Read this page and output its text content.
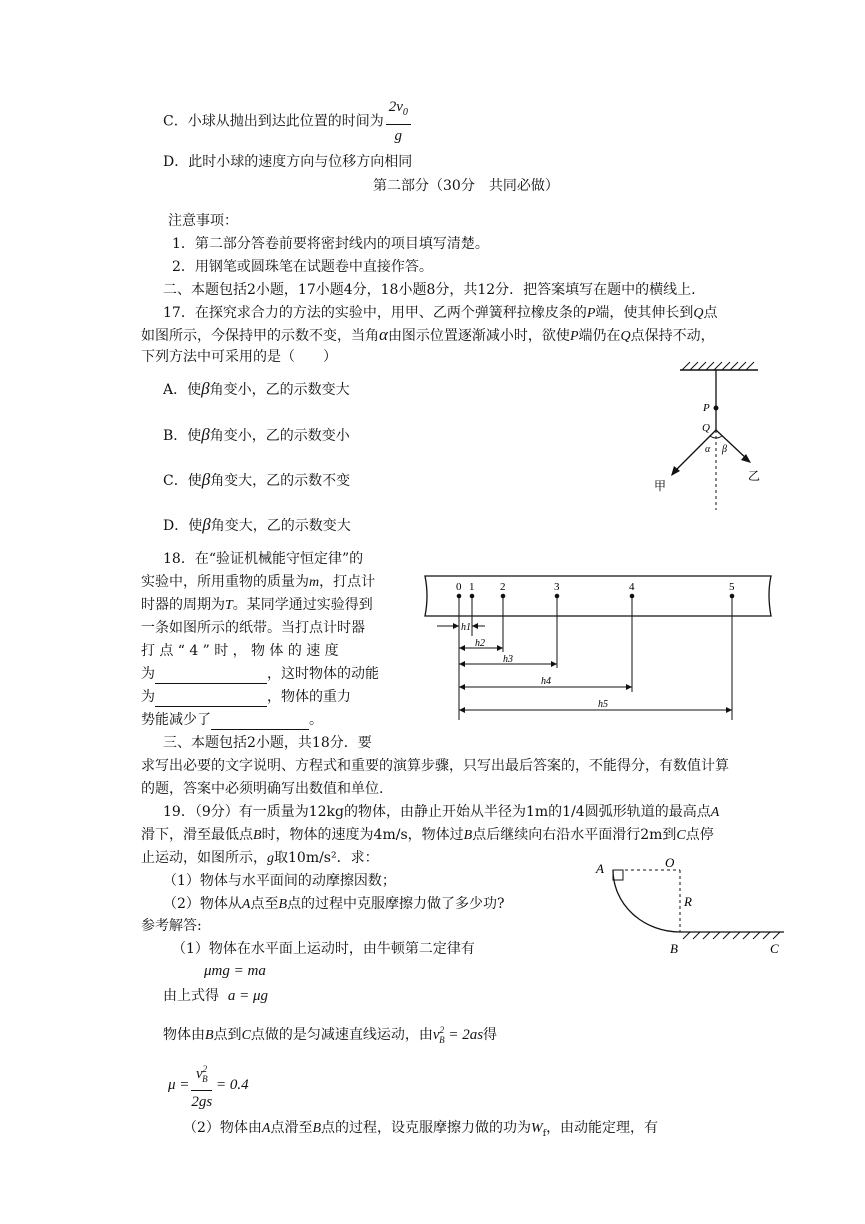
C．小球从抛出到达此位置的时间为 $\frac{2v_0}{g}$
D．此时小球的速度方向与位移方向相同
第二部分（30分　共同必做）
注意事项：
1．第二部分答卷前要将密封线内的项目填写清楚。
2．用钢笔或圆珠笔在试题卷中直接作答。
二、本题包括2小题，17小题4分，18小题8分，共12分．把答案填写在题中的横线上.
17．在探究求合力的方法的实验中，用甲、乙两个弹簧秤拉橡皮条的P端，使其伸长到Q点
如图所示，今保持甲的示数不变，当角α由图示位置逐渐减小时，欲使P端仍在Q点保持不动，
下列方法中可采用的是（　　）
A．使β角变小，乙的示数变大
B．使β角变小，乙的示数变小
C．使β角变大，乙的示数不变
D．使β角变大，乙的示数变大
P
Q
α β
甲
乙
18．在“验证机械能守恒定律”的
实验中，所用重物的质量为m，打点计
时器的周期为T。某同学通过实验得到
一条如图所示的纸带。当打点计时器
打点“4”时，物体的速度
为	，这时物体的动能
为	，物体的重力
势能减少了	。
0 1 2	3	4	5
h1
h2
h3
h4
h5
三、本题包括2小题，共18分．要
求写出必要的文字说明、方程式和重要的演算步骤，只写出最后答案的，不能得分，有数值计算
的题，答案中必须明确写出数值和单位.
19．（9分）有一质量为12kg的物体，由静止开始从半径为1m的1/4圆弧形轨道的最高点A
滑下，滑至最低点B时，物体的速度为4m/s，物体过B点后继续向右沿水平面滑行2m到C点停
止运动，如图所示，g取10m/s²．求：
（1）物体与水平面间的动摩擦因数；
（2）物体从A点至B点的过程中克服摩擦力做了多少功?
参考解答:
（1）物体在水平面上运动时，由牛顿第二定律有
μmg = ma
由上式得 a = μg
物体由B点到C点做的是匀减速直线运动，由$v^2_B = 2as$得
$\mu = \frac{v^2_B}{2gs} = 0.4$
（2）物体由A点滑至B点的过程，设克服摩擦力做的功为$W_f$，由动能定理，有
A	O
R
B	C
